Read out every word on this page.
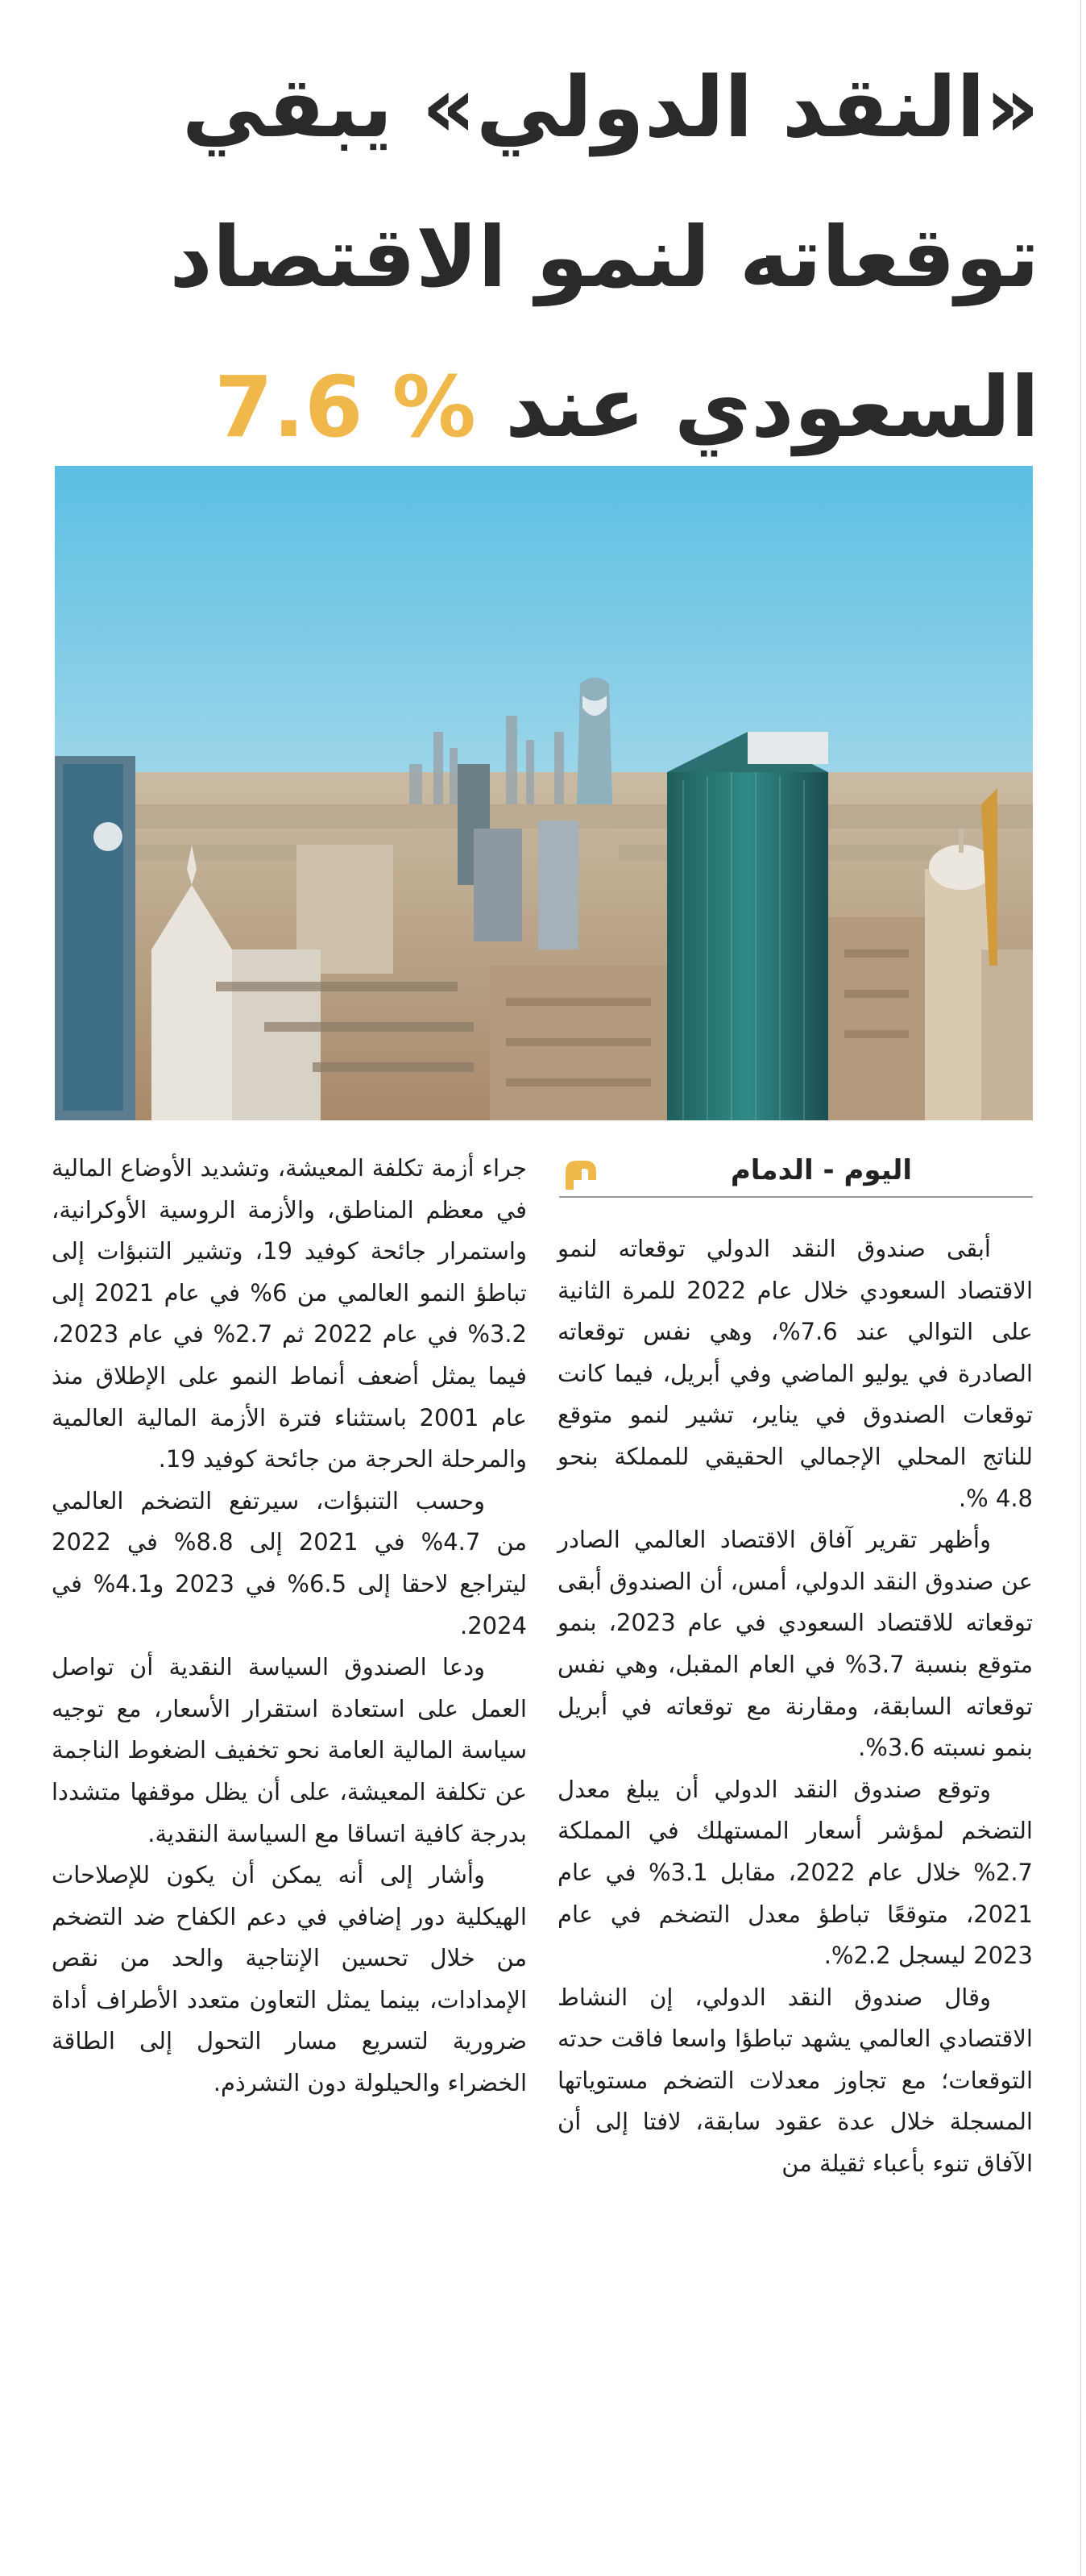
«النقد الدولي» يبقي
توقعاته لنمو الاقتصاد
السعودي عند 7.6 %
اليوم - الدمام

أبقى صندوق النقد الدولي توقعاته لنمو الاقتصاد السعودي خلال عام 2022 للمرة الثانية على التوالي عند 7.6%، وهي نفس توقعاته الصادرة في يوليو الماضي وفي أبريل، فيما كانت توقعات الصندوق في يناير، تشير لنمو متوقع للناتج المحلي الإجمالي الحقيقي للمملكة بنحو 4.8 %.

وأظهر تقرير آفاق الاقتصاد العالمي الصادر عن صندوق النقد الدولي، أمس، أن الصندوق أبقى توقعاته للاقتصاد السعودي في عام 2023، بنمو متوقع بنسبة 3.7% في العام المقبل، وهي نفس توقعاته السابقة، ومقارنة مع توقعاته في أبريل بنمو نسبته 3.6%.

وتوقع صندوق النقد الدولي أن يبلغ معدل التضخم لمؤشر أسعار المستهلك في المملكة 2.7% خلال عام 2022، مقابل 3.1% في عام 2021، متوقعًا تباطؤ معدل التضخم في عام 2023 ليسجل 2.2%.

وقال صندوق النقد الدولي، إن النشاط الاقتصادي العالمي يشهد تباطؤا واسعا فاقت حدته التوقعات؛ مع تجاوز معدلات التضخم مستوياتها المسجلة خلال عدة عقود سابقة، لافتا إلى أن الآفاق تنوء بأعباء ثقيلة من

جراء أزمة تكلفة المعيشة، وتشديد الأوضاع المالية في معظم المناطق، والأزمة الروسية الأوكرانية، واستمرار جائحة كوفيد 19، وتشير التنبؤات إلى تباطؤ النمو العالمي من 6% في عام 2021 إلى 3.2% في عام 2022 ثم 2.7% في عام 2023، فيما يمثل أضعف أنماط النمو على الإطلاق منذ عام 2001 باستثناء فترة الأزمة المالية العالمية والمرحلة الحرجة من جائحة كوفيد 19.

وحسب التنبؤات، سيرتفع التضخم العالمي من 4.7% في 2021 إلى 8.8% في 2022 ليتراجع لاحقا إلى 6.5% في 2023 و4.1% في 2024.

ودعا الصندوق السياسة النقدية أن تواصل العمل على استعادة استقرار الأسعار، مع توجيه سياسة المالية العامة نحو تخفيف الضغوط الناجمة عن تكلفة المعيشة، على أن يظل موقفها متشددا بدرجة كافية اتساقا مع السياسة النقدية.

وأشار إلى أنه يمكن أن يكون للإصلاحات الهيكلية دور إضافي في دعم الكفاح ضد التضخم من خلال تحسين الإنتاجية والحد من نقص الإمدادات، بينما يمثل التعاون متعدد الأطراف أداة ضرورية لتسريع مسار التحول إلى الطاقة الخضراء والحيلولة دون التشرذم.
